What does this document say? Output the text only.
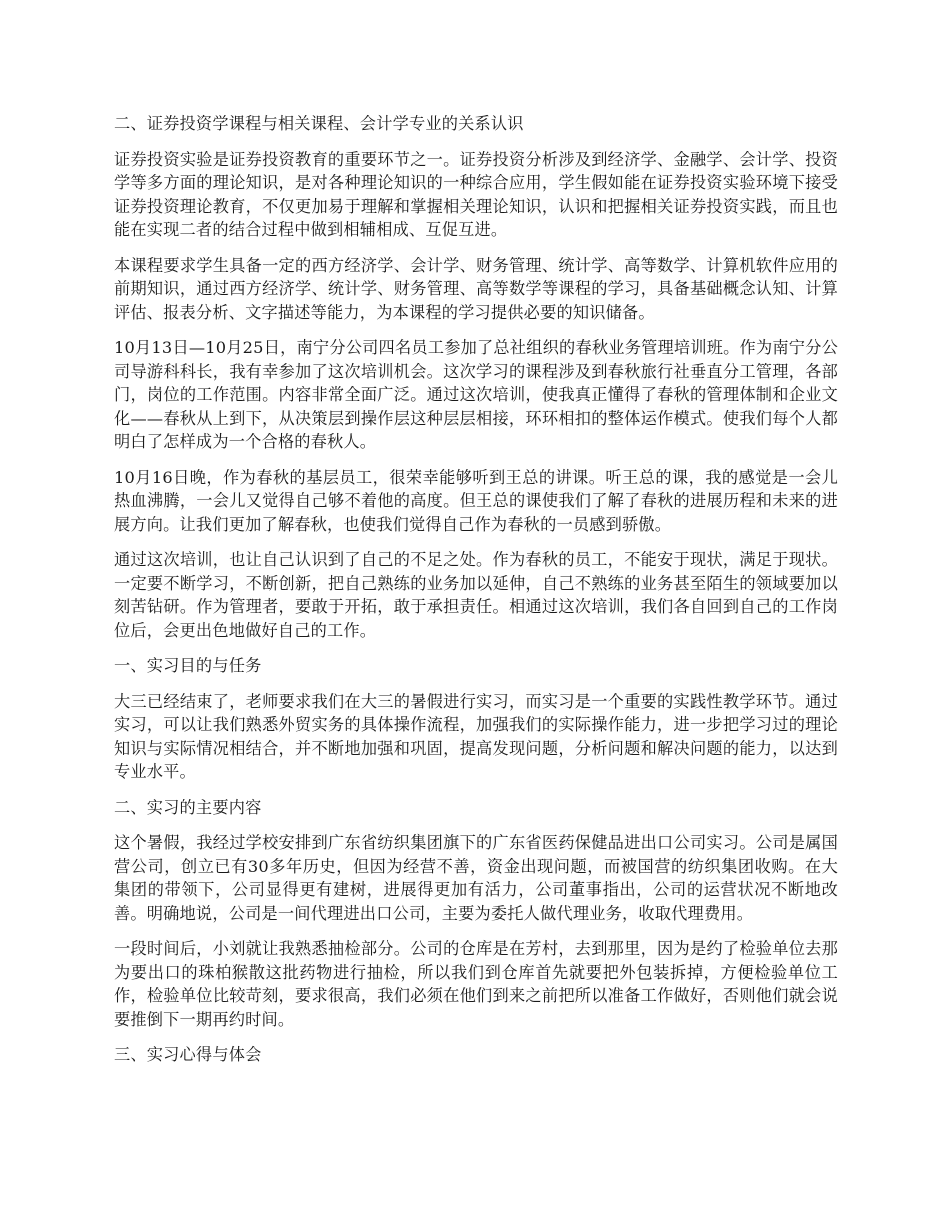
二、证券投资学课程与相关课程、会计学专业的关系认识

证券投资实验是证券投资教育的重要环节之一。证券投资分析涉及到经济学、金融学、会计学、投资学等多方面的理论知识，是对各种理论知识的一种综合应用，学生假如能在证券投资实验环境下接受证券投资理论教育，不仅更加易于理解和掌握相关理论知识，认识和把握相关证券投资实践，而且也能在实现二者的结合过程中做到相辅相成、互促互进。

本课程要求学生具备一定的西方经济学、会计学、财务管理、统计学、高等数学、计算机软件应用的前期知识，通过西方经济学、统计学、财务管理、高等数学等课程的学习，具备基础概念认知、计算评估、报表分析、文字描述等能力，为本课程的学习提供必要的知识储备。

10月13日—10月25日，南宁分公司四名员工参加了总社组织的春秋业务管理培训班。作为南宁分公司导游科科长，我有幸参加了这次培训机会。这次学习的课程涉及到春秋旅行社垂直分工管理，各部门，岗位的工作范围。内容非常全面广泛。通过这次培训，使我真正懂得了春秋的管理体制和企业文化——春秋从上到下，从决策层到操作层这种层层相接，环环相扣的整体运作模式。使我们每个人都明白了怎样成为一个合格的春秋人。

10月16日晚，作为春秋的基层员工，很荣幸能够听到王总的讲课。听王总的课，我的感觉是一会儿热血沸腾，一会儿又觉得自己够不着他的高度。但王总的课使我们了解了春秋的进展历程和未来的进展方向。让我们更加了解春秋，也使我们觉得自己作为春秋的一员感到骄傲。

通过这次培训，也让自己认识到了自己的不足之处。作为春秋的员工，不能安于现状，满足于现状。一定要不断学习，不断创新，把自己熟练的业务加以延伸，自己不熟练的业务甚至陌生的领域要加以刻苦钻研。作为管理者，要敢于开拓，敢于承担责任。相通过这次培训，我们各自回到自己的工作岗位后，会更出色地做好自己的工作。

一、实习目的与任务

大三已经结束了，老师要求我们在大三的暑假进行实习，而实习是一个重要的实践性教学环节。通过实习，可以让我们熟悉外贸实务的具体操作流程，加强我们的实际操作能力，进一步把学习过的理论知识与实际情况相结合，并不断地加强和巩固，提高发现问题，分析问题和解决问题的能力，以达到专业水平。

二、实习的主要内容

这个暑假，我经过学校安排到广东省纺织集团旗下的广东省医药保健品进出口公司实习。公司是属国营公司，创立已有30多年历史，但因为经营不善，资金出现问题，而被国营的纺织集团收购。在大集团的带领下，公司显得更有建树，进展得更加有活力，公司董事指出，公司的运营状况不断地改善。明确地说，公司是一间代理进出口公司，主要为委托人做代理业务，收取代理费用。

一段时间后，小刘就让我熟悉抽检部分。公司的仓库是在芳村，去到那里，因为是约了检验单位去那为要出口的珠柏猴散这批药物进行抽检，所以我们到仓库首先就要把外包装拆掉，方便检验单位工作，检验单位比较苛刻，要求很高，我们必须在他们到来之前把所以准备工作做好，否则他们就会说要推倒下一期再约时间。

三、实习心得与体会
